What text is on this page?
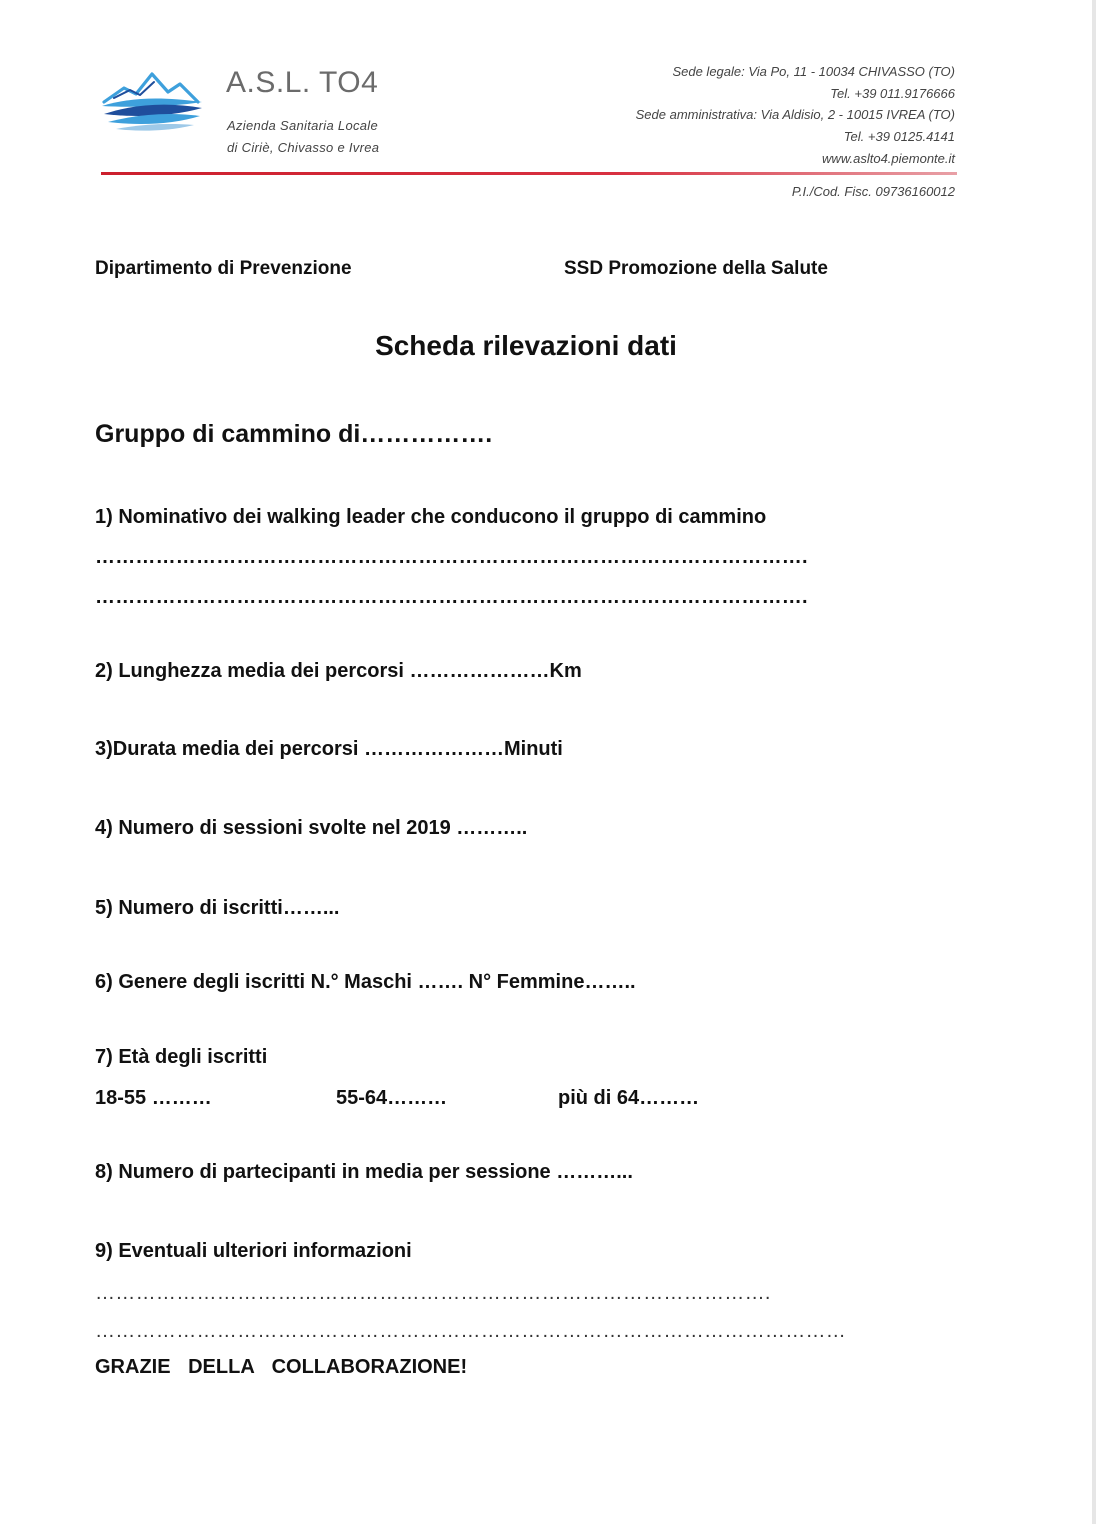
A.S.L. TO4
Azienda Sanitaria Locale
di Ciriè, Chivasso e Ivrea
Sede legale: Via Po, 11 - 10034 CHIVASSO (TO)
Tel. +39 011.9176666
Sede amministrativa: Via Aldisio, 2 - 10015 IVREA (TO)
Tel. +39 0125.4141
www.aslto4.piemonte.it
P.I./Cod. Fisc. 09736160012
Dipartimento di Prevenzione	SSD Promozione della Salute
Scheda rilevazioni dati
Gruppo di cammino di…………….
1) Nominativo dei walking leader che conducono il gruppo di cammino
…………………………………………………………………………………………….
…………………………………………………………………………………………….
2) Lunghezza media dei percorsi …………………Km
3)Durata media dei percorsi …………………Minuti
4) Numero di sessioni svolte nel 2019 ………..
5) Numero di iscritti……...
6) Genere degli iscritti N.° Maschi ……. N° Femmine……..
7) Età degli iscritti
18-55 ………	55-64………	più di 64………
8) Numero di partecipanti in media per sessione ………...
9) Eventuali ulteriori informazioni
……………………………………………………………………………………….
…………………………………………………………………………………………………
GRAZIE DELLA COLLABORAZIONE!
